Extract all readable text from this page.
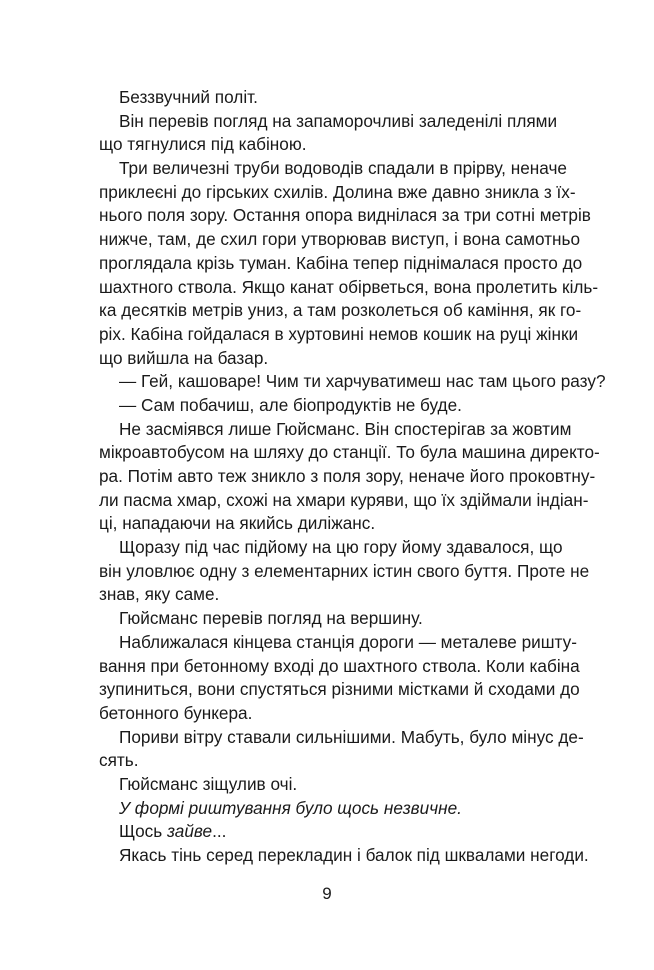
Беззвучний політ.
Він перевів погляд на запаморочливі заледенілі плями
що тягнулися під кабіною.
Три величезні труби водоводів спадали в прірву, неначе
приклеєні до гірських схилів. Долина вже давно зникла з їх-
нього поля зору. Остання опора виднілася за три сотні метрів
нижче, там, де схил гори утворював виступ, і вона самотньо
проглядала крізь туман. Кабіна тепер піднімалася просто до
шахтного ствола. Якщо канат обірветься, вона пролетить кіль-
ка десятків метрів униз, а там розколеться об каміння, як го-
ріх. Кабіна гойдалася в хуртовині немов кошик на руці жінки
що вийшла на базар.
— Гей, кашоваре! Чим ти харчуватимеш нас там цього разу?
— Сам побачиш, але біопродуктів не буде.
Не засміявся лише Гюйсманс. Він спостерігав за жовтим
мікроавтобусом на шляху до станції. То була машина директо-
ра. Потім авто теж зникло з поля зору, неначе його проковтну-
ли пасма хмар, схожі на хмари куряви, що їх здіймали індіан-
ці, нападаючи на якийсь диліжанс.
Щоразу під час підйому на цю гору йому здавалося, що
він уловлює одну з елементарних істин свого буття. Проте не
знав, яку саме.
Гюйсманс перевів погляд на вершину.
Наближалася кінцева станція дороги — металеве ришту-
вання при бетонному вході до шахтного ствола. Коли кабіна
зупиниться, вони спустяться різними містками й сходами до
бетонного бункера.
Пориви вітру ставали сильнішими. Мабуть, було мінус де-
сять.
Гюйсманс зіщулив очі.
У формі риштування було щось незвичне.
Щось зайве...
Якась тінь серед перекладин і балок під шквалами негоди.
9
